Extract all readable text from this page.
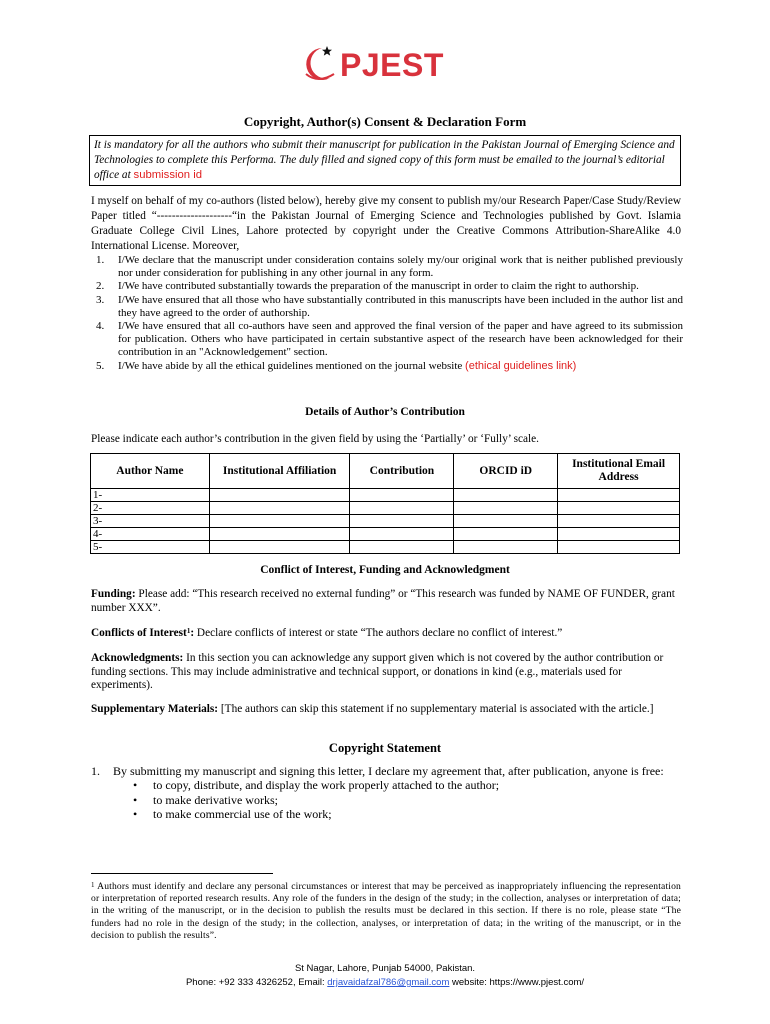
PJEST
Copyright, Author(s) Consent & Declaration Form
It is mandatory for all the authors who submit their manuscript for publication in the Pakistan Journal of Emerging Science and Technologies to complete this Performa. The duly filled and signed copy of this form must be emailed to the journal’s editorial office at submission id
I myself on behalf of my co-authors (listed below), hereby give my consent to publish my/our Research Paper/Case Study/Review Paper titled “--------------------“in the Pakistan Journal of Emerging Science and Technologies published by Govt. Islamia Graduate College Civil Lines, Lahore protected by copyright under the Creative Commons Attribution-ShareAlike 4.0 International License. Moreover,
1. I/We declare that the manuscript under consideration contains solely my/our original work that is neither published previously nor under consideration for publishing in any other journal in any form.
2. I/We have contributed substantially towards the preparation of the manuscript in order to claim the right to authorship.
3. I/We have ensured that all those who have substantially contributed in this manuscripts have been included in the author list and they have agreed to the order of authorship.
4. I/We have ensured that all co-authors have seen and approved the final version of the paper and have agreed to its submission for publication. Others who have participated in certain substantive aspect of the research have been acknowledged for their contribution in an "Acknowledgement" section.
5. I/We have abide by all the ethical guidelines mentioned on the journal website (ethical guidelines link)
Details of Author’s Contribution
Please indicate each author’s contribution in the given field by using the ‘Partially’ or ‘Fully’ scale.
Author Name	Institutional Affiliation	Contribution	ORCID iD	Institutional Email Address
1-				
2-				
3-				
4-				
5-				
Conflict of Interest, Funding and Acknowledgment
Funding: Please add: “This research received no external funding” or “This research was funded by NAME OF FUNDER, grant number XXX”.
Conflicts of Interest$^1$: Declare conflicts of interest or state “The authors declare no conflict of interest.”
Acknowledgments: In this section you can acknowledge any support given which is not covered by the author contribution or funding sections. This may include administrative and technical support, or donations in kind (e.g., materials used for experiments).
Supplementary Materials: [The authors can skip this statement if no supplementary material is associated with the article.]
Copyright Statement
1.	By submitting my manuscript and signing this letter, I declare my agreement that, after publication, anyone is free:
• to copy, distribute, and display the work properly attached to the author;
• to make derivative works;
• to make commercial use of the work;
$^1$ Authors must identify and declare any personal circumstances or interest that may be perceived as inappropriately influencing the representation or interpretation of reported research results. Any role of the funders in the design of the study; in the collection, analyses or interpretation of data; in the writing of the manuscript, or in the decision to publish the results must be declared in this section. If there is no role, please state “The funders had no role in the design of the study; in the collection, analyses, or interpretation of data; in the writing of the manuscript, or in the decision to publish the results”.
St Nagar, Lahore, Punjab 54000, Pakistan.
Phone: +92 333 4326252, Email: drjavaidafzal786@gmail.com website: https://www.pjest.com/
